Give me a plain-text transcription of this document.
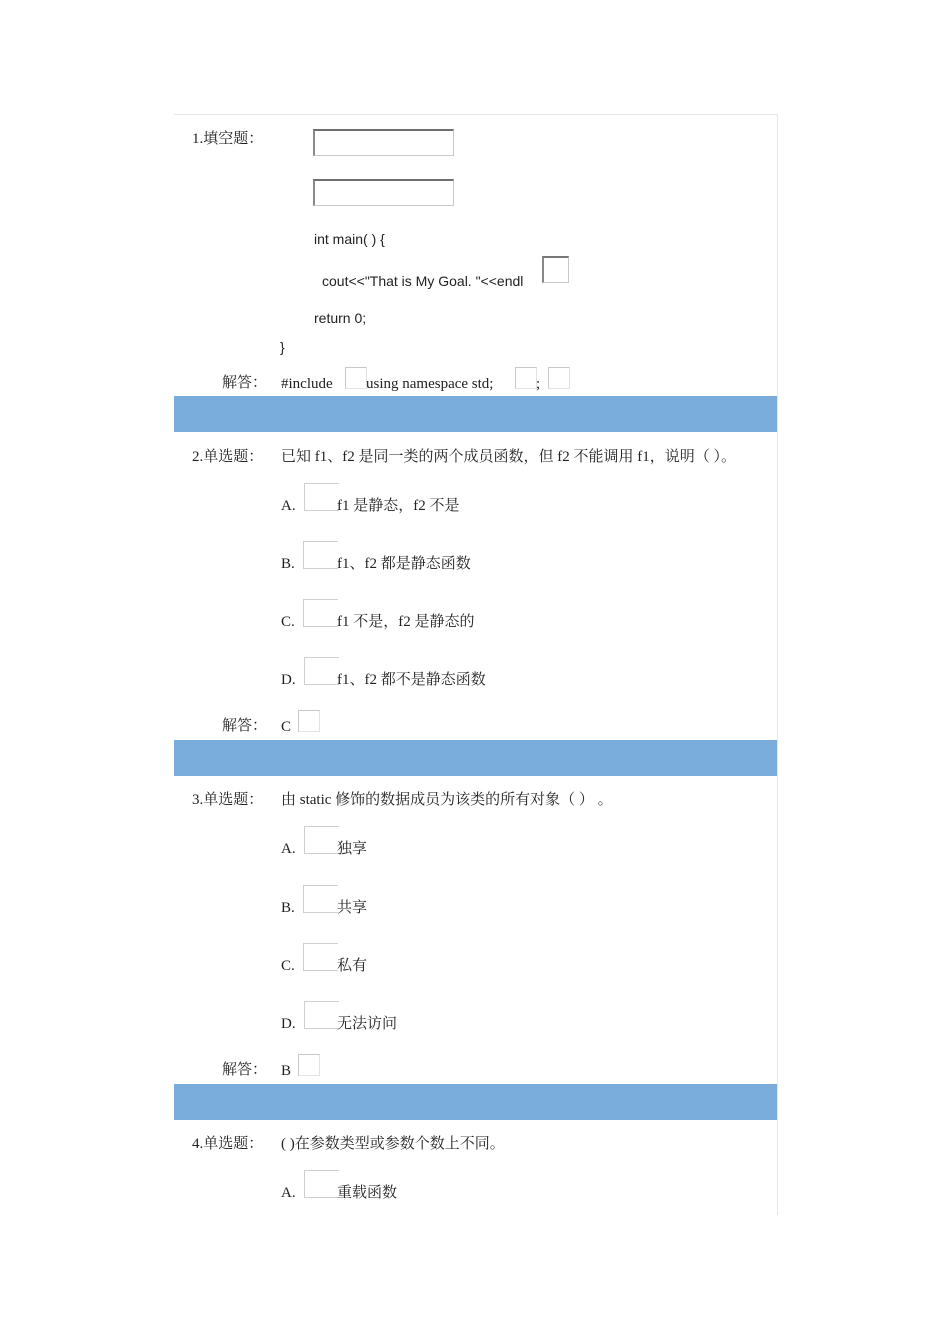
1.填空题：
int main( ) {
cout<<"That is My Goal. "<<endl
return 0;
}
解答： #include using namespace std;	;
2.单选题： 已知 f1、f2 是同一类的两个成员函数，但 f2 不能调用 f1，说明（ ）。
A.	f1 是静态，f2 不是
B.	f1、f2 都是静态函数
C.	f1 不是，f2 是静态的
D.	f1、f2 都不是静态函数
解答： C
3.单选题： 由 static 修饰的数据成员为该类的所有对象（ ） 。
A.	独享
B.	共享
C.	私有
D.	无法访问
解答： B
4.单选题： ( )在参数类型或参数个数上不同。
A.	重载函数
